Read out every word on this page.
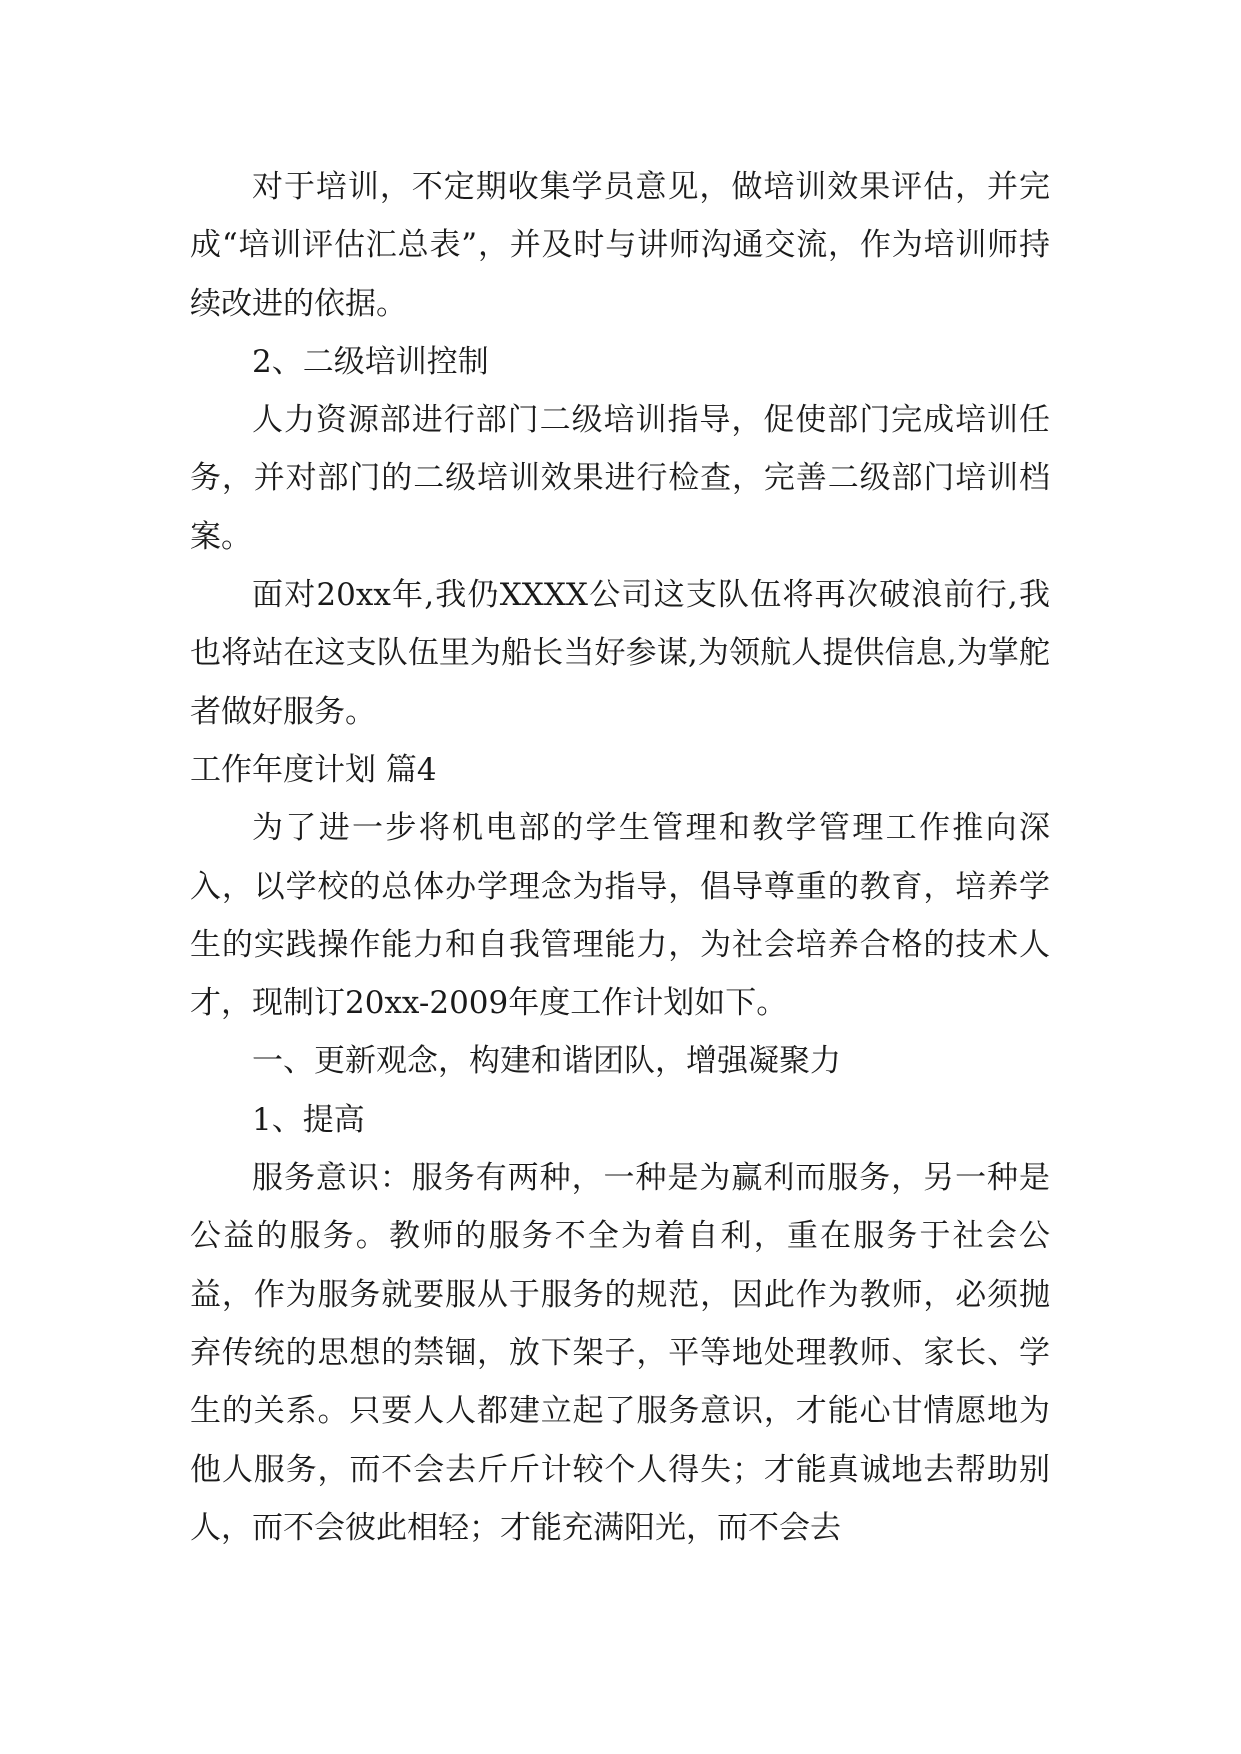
对于培训，不定期收集学员意见，做培训效果评估，并完成“培训评估汇总表”，并及时与讲师沟通交流，作为培训师持续改进的依据。

2、二级培训控制

人力资源部进行部门二级培训指导，促使部门完成培训任务，并对部门的二级培训效果进行检查，完善二级部门培训档案。

面对20xx年,我仍XXXX公司这支队伍将再次破浪前行,我也将站在这支队伍里为船长当好参谋,为领航人提供信息,为掌舵者做好服务。

工作年度计划 篇4

为了进一步将机电部的学生管理和教学管理工作推向深入，以学校的总体办学理念为指导，倡导尊重的教育，培养学生的实践操作能力和自我管理能力，为社会培养合格的技术人才，现制订20xx-2009年度工作计划如下。

一、更新观念，构建和谐团队，增强凝聚力

1、提高

服务意识：服务有两种，一种是为赢利而服务，另一种是公益的服务。教师的服务不全为着自利，重在服务于社会公益，作为服务就要服从于服务的规范，因此作为教师，必须抛弃传统的思想的禁锢，放下架子，平等地处理教师、家长、学生的关系。只要人人都建立起了服务意识，才能心甘情愿地为他人服务，而不会去斤斤计较个人得失；才能真诚地去帮助别人，而不会彼此相轻；才能充满阳光，而不会去
